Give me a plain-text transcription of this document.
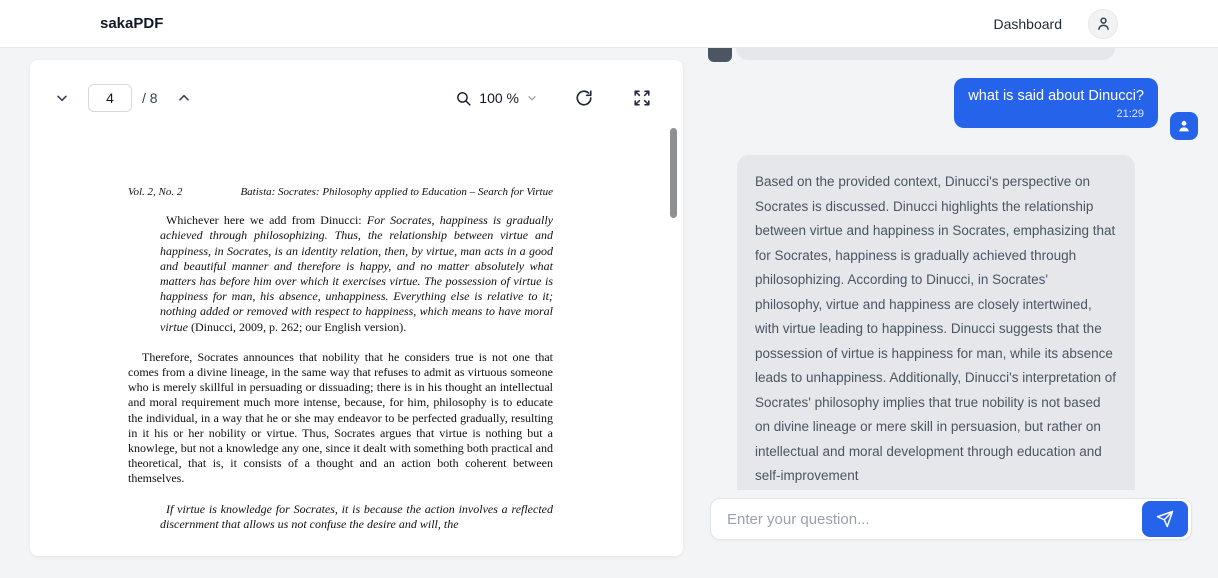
sakaPDF	Dashboard
4
/ 8	100 %
Vol. 2, No. 2	Batista: Socrates: Philosophy applied to Education – Search for Virtue

Whichever here we add from Dinucci: For Socrates, happiness is gradually achieved through philosophizing. Thus, the relationship between virtue and happiness, in Socrates, is an identity relation, then, by virtue, man acts in a good and beautiful manner and therefore is happy, and no matter absolutely what matters has before him over which it exercises virtue. The possession of virtue is happiness for man, his absence, unhappiness. Everything else is relative to it; nothing added or removed with respect to happiness, which means to have moral virtue (Dinucci, 2009, p. 262; our English version).

Therefore, Socrates announces that nobility that he considers true is not one that comes from a divine lineage, in the same way that refuses to admit as virtuous someone who is merely skillful in persuading or dissuading; there is in his thought an intellectual and moral requirement much more intense, because, for him, philosophy is to educate the individual, in a way that he or she may endeavor to be perfected gradually, resulting in it his or her nobility or virtue. Thus, Socrates argues that virtue is nothing but a knowlege, but not a knowledge any one, since it dealt with something both practical and theoretical, that is, it consists of a thought and an action both coherent between themselves.

If virtue is knowledge for Socrates, it is because the action involves a reflected discernment that allows us not confuse the desire and will, the

what is said about Dinucci?
21:29
Based on the provided context, Dinucci's perspective on Socrates is discussed. Dinucci highlights the relationship between virtue and happiness in Socrates, emphasizing that for Socrates, happiness is gradually achieved through philosophizing. According to Dinucci, in Socrates' philosophy, virtue and happiness are closely intertwined, with virtue leading to happiness. Dinucci suggests that the possession of virtue is happiness for man, while its absence leads to unhappiness. Additionally, Dinucci's interpretation of Socrates' philosophy implies that true nobility is not based on divine lineage or mere skill in persuasion, but rather on intellectual and moral development through education and self-improvement
Enter your question...
